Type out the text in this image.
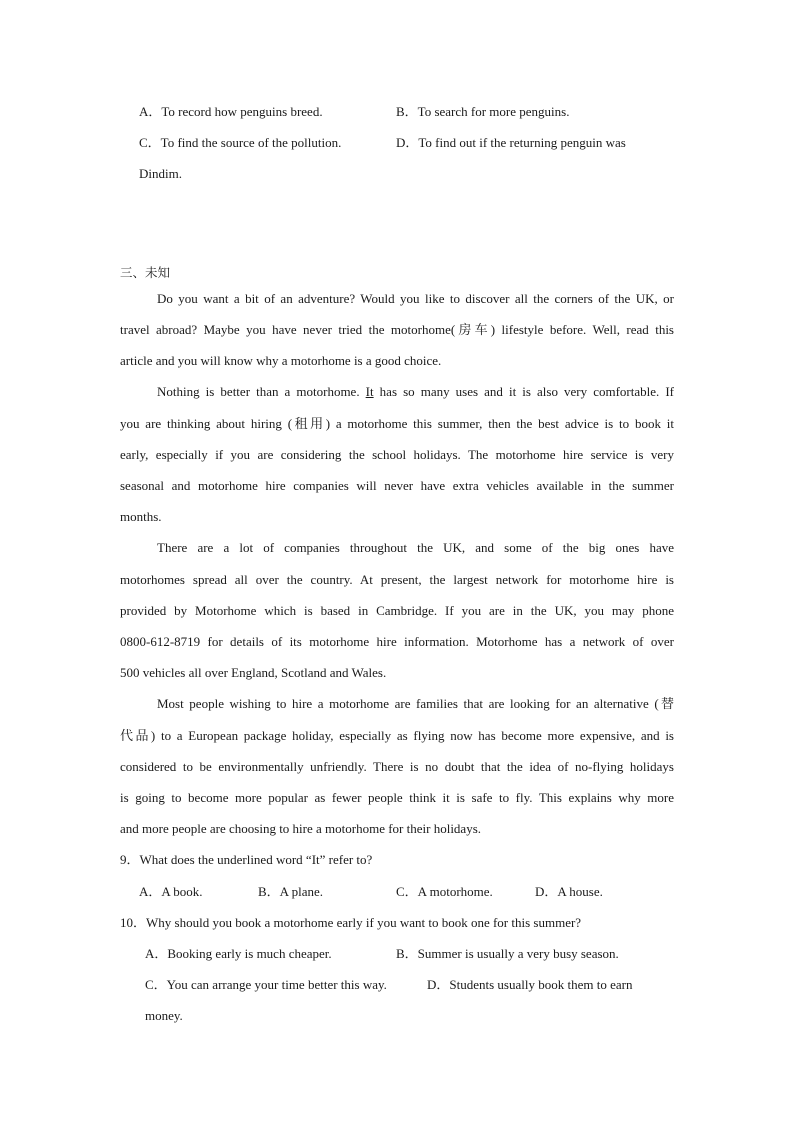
A．To record how penguins breed.	B．To search for more penguins.
C．To find the source of the pollution.	D．To find out if the returning penguin was
Dindim.
三、未知
Do you want a bit of an adventure? Would you like to discover all the corners of the UK, or
travel abroad? Maybe you have never tried the motorhome(房车) lifestyle before. Well, read this
article and you will know why a motorhome is a good choice.
Nothing is better than a motorhome. It has so many uses and it is also very comfortable. If
you are thinking about hiring (租用) a motorhome this summer, then the best advice is to book it
early, especially if you are considering the school holidays. The motorhome hire service is very
seasonal and motorhome hire companies will never have extra vehicles available in the summer
months.
There are a lot of companies throughout the UK, and some of the big ones have
motorhomes spread all over the country. At present, the largest network for motorhome hire is
provided by Motorhome which is based in Cambridge. If you are in the UK, you may phone
0800-612-8719 for details of its motorhome hire information. Motorhome has a network of over
500 vehicles all over England, Scotland and Wales.
Most people wishing to hire a motorhome are families that are looking for an alternative (替
代品) to a European package holiday, especially as flying now has become more expensive, and is
considered to be environmentally unfriendly. There is no doubt that the idea of no-flying holidays
is going to become more popular as fewer people think it is safe to fly. This explains why more
and more people are choosing to hire a motorhome for their holidays.
9．What does the underlined word “It” refer to?
A．A book.	B．A plane.	C．A motorhome.	D．A house.
10．Why should you book a motorhome early if you want to book one for this summer?
A．Booking early is much cheaper.	B．Summer is usually a very busy season.
C．You can arrange your time better this way.	D．Students usually book them to earn
money.
